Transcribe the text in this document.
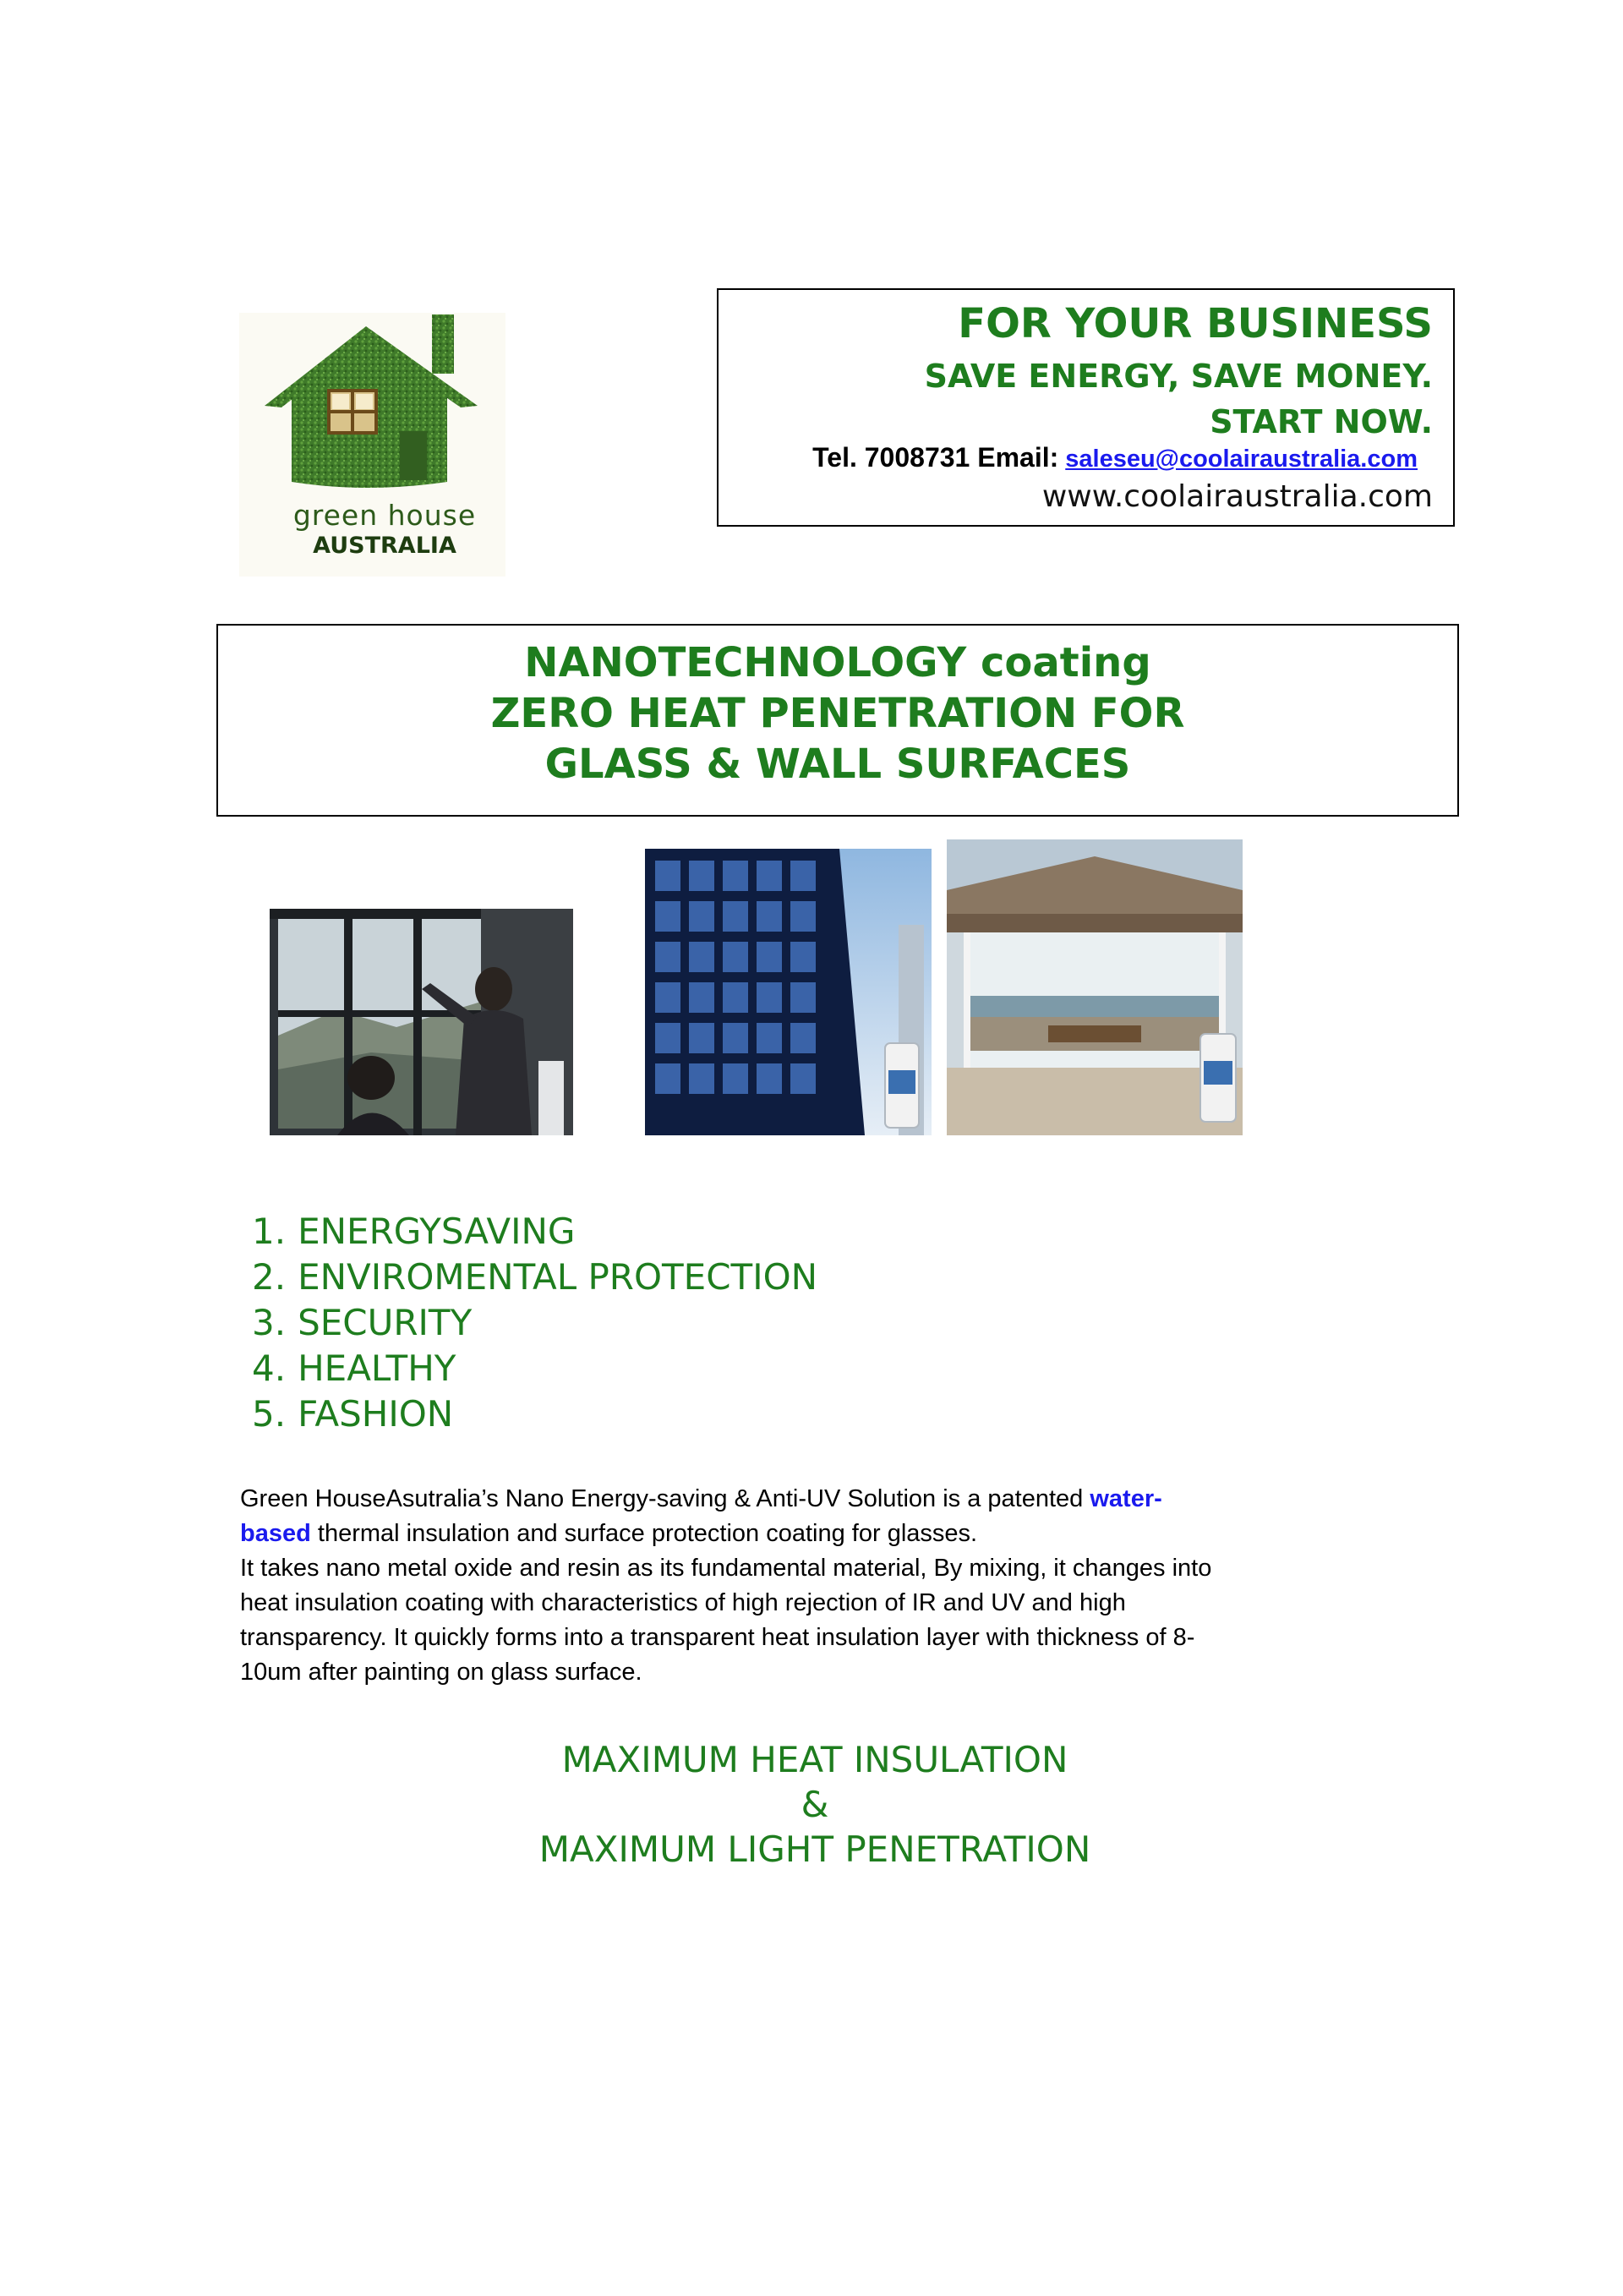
green house
AUSTRALIA
FOR YOUR BUSINESS
SAVE ENERGY, SAVE MONEY.
START NOW.
Tel. 7008731 Email: saleseu@coolairaustralia.com
www.coolairaustralia.com
NANOTECHNOLOGY coating
ZERO HEAT PENETRATION FOR
GLASS & WALL SURFACES
1. ENERGYSAVING
2. ENVIROMENTAL PROTECTION
3. SECURITY
4. HEALTHY
5. FASHION

Green HouseAsutralia’s Nano Energy-saving & Anti-UV Solution is a patented water-

based thermal insulation and surface protection coating for glasses.

It takes nano metal oxide and resin as its fundamental material, By mixing, it changes into

heat insulation coating with characteristics of high rejection of IR and UV and high

transparency. It quickly forms into a transparent heat insulation layer with thickness of 8-

10um after painting on glass surface.

MAXIMUM HEAT INSULATION
&
MAXIMUM LIGHT PENETRATION
